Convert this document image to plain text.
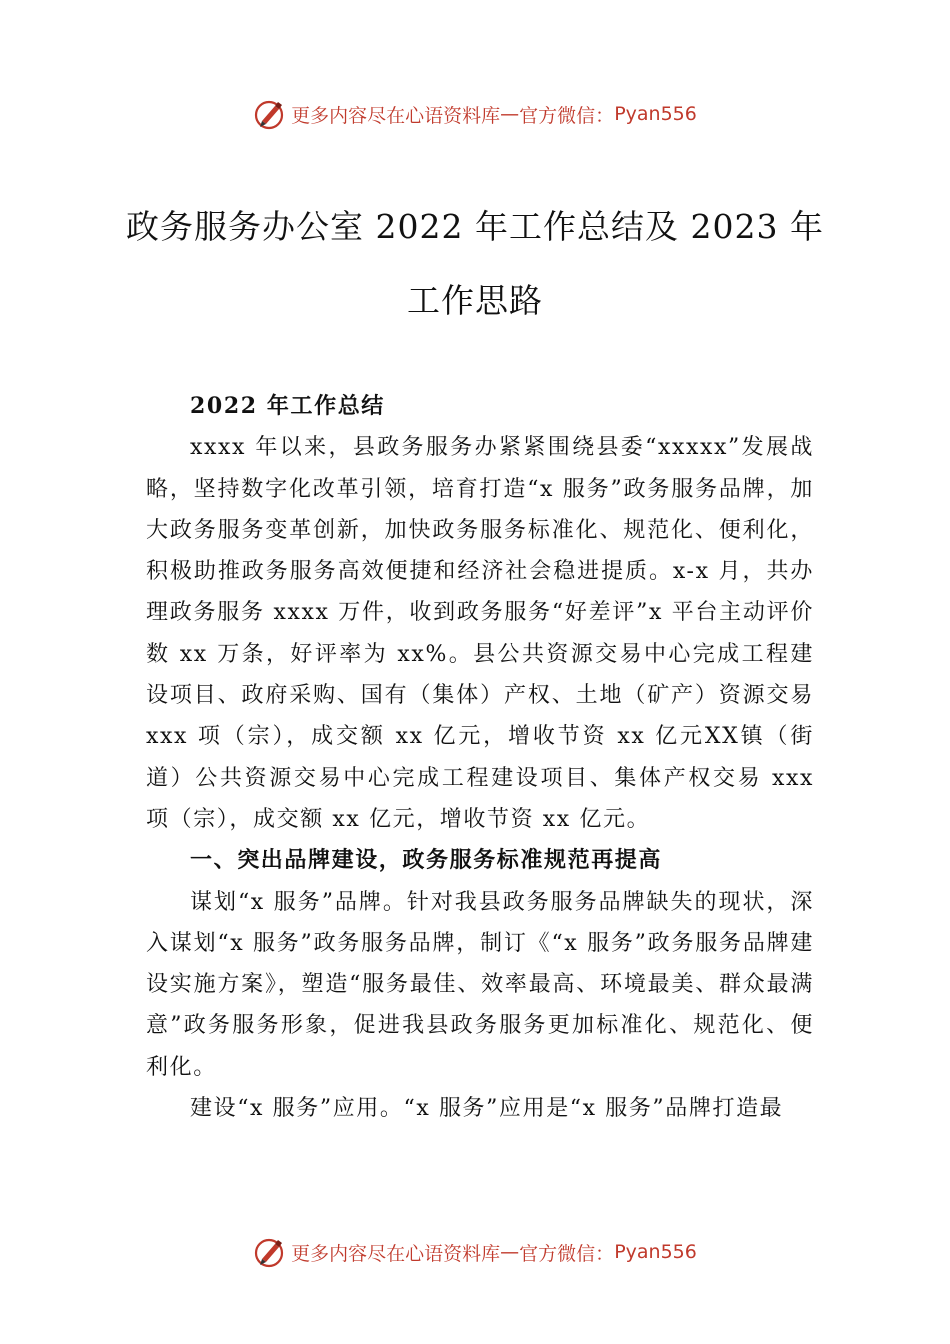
更多内容尽在心语资料库 — 官方微信： Pyan556
政务服务办公室 2022 年工作总结及 2023 年工作思路

2022 年工作总结

xxxx 年以来，县政务服务办紧紧围绕县委“xxxxx”发展战略，坚持数字化改革引领，培育打造“x 服务”政务服务品牌，加大政务服务变革创新，加快政务服务标准化、规范化、便利化，积极助推政务服务高效便捷和经济社会稳进提质。x-x 月，共办理政务服务 xxxx 万件，收到政务服务“好差评”x 平台主动评价数 xx 万条，好评率为 xx%。县公共资源交易中心完成工程建设项目、政府采购、国有（集体）产权、土地（矿产）资源交易 xxx 项（宗），成交额 xx 亿元，增收节资 xx 亿元XX镇（街道）公共资源交易中心完成工程建设项目、集体产权交易 xxx 项（宗），成交额 xx 亿元，增收节资 xx 亿元。

一、突出品牌建设，政务服务标准规范再提高

谋划“x 服务”品牌。针对我县政务服务品牌缺失的现状，深入谋划“x 服务”政务服务品牌，制订《“x 服务”政务服务品牌建设实施方案》，塑造“服务最佳、效率最高、环境最美、群众最满意”政务服务形象，促进我县政务服务更加标准化、规范化、便利化。

建设“x 服务”应用。“x 服务”应用是“x 服务”品牌打造最

更多内容尽在心语资料库 — 官方微信： Pyan556
